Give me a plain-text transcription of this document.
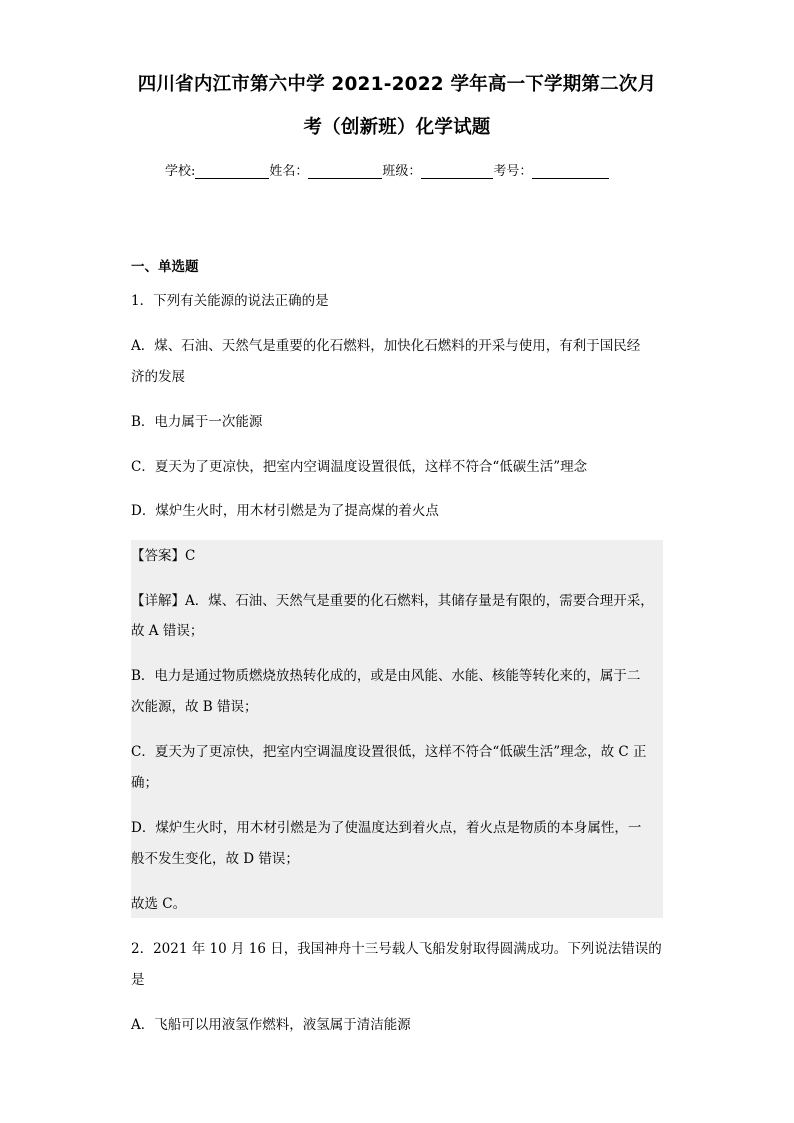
四川省内江市第六中学 2021-2022 学年高一下学期第二次月
考（创新班）化学试题
学校:	姓名：	班级：	考号：
一、单选题
1．下列有关能源的说法正确的是
A．煤、石油、天然气是重要的化石燃料，加快化石燃料的开采与使用，有利于国民经
济的发展
B．电力属于一次能源
C．夏天为了更凉快，把室内空调温度设置很低，这样不符合“低碳生活”理念
D．煤炉生火时，用木材引燃是为了提高煤的着火点
【答案】C
【详解】A．煤、石油、天然气是重要的化石燃料，其储存量是有限的，需要合理开采，
故 A 错误；
B．电力是通过物质燃烧放热转化成的，或是由风能、水能、核能等转化来的，属于二
次能源，故 B 错误；
C．夏天为了更凉快，把室内空调温度设置很低，这样不符合“低碳生活”理念，故 C 正
确；
D．煤炉生火时，用木材引燃是为了使温度达到着火点，着火点是物质的本身属性，一
般不发生变化，故 D 错误；
故选 C。
2．2021 年 10 月 16 日，我国神舟十三号载人飞船发射取得圆满成功。下列说法错误的
是
A．飞船可以用液氢作燃料，液氢属于清洁能源
